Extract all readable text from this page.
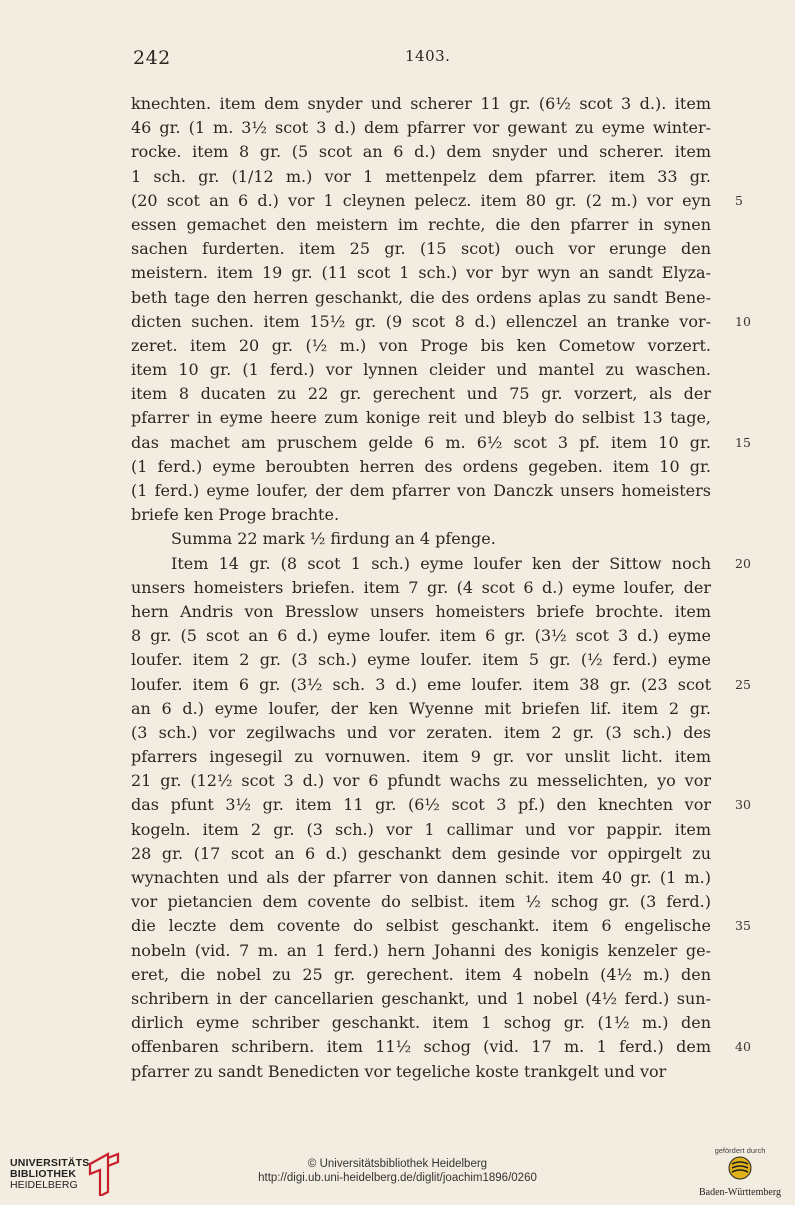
242	1403.
knechten. item dem snyder und scherer 11 gr. (6½ scot 3 d.). item
46 gr. (1 m. 3½ scot 3 d.) dem pfarrer vor gewant zu eyme winter-
rocke. item 8 gr. (5 scot an 6 d.) dem snyder und scherer. item
1 sch. gr. (1/12 m.) vor 1 mettenpelz dem pfarrer. item 33 gr.
(20 scot an 6 d.) vor 1 cleynen pelecz. item 80 gr. (2 m.) vor eyn 5
essen gemachet den meistern im rechte, die den pfarrer in synen
sachen furderten. item 25 gr. (15 scot) ouch vor erunge den
meistern. item 19 gr. (11 scot 1 sch.) vor byr wyn an sandt Elyza-
beth tage den herren geschankt, die des ordens aplas zu sandt Bene-
dicten suchen. item 15½ gr. (9 scot 8 d.) ellenczel an tranke vor- 10
zeret. item 20 gr. (½ m.) von Proge bis ken Cometow vorzert.
item 10 gr. (1 ferd.) vor lynnen cleider und mantel zu waschen.
item 8 ducaten zu 22 gr. gerechent und 75 gr. vorzert, als der
pfarrer in eyme heere zum konige reit und bleyb do selbist 13 tage,
das machet am pruschem gelde 6 m. 6½ scot 3 pf. item 10 gr. 15
(1 ferd.) eyme beroubten herren des ordens gegeben. item 10 gr.
(1 ferd.) eyme loufer, der dem pfarrer von Danczk unsers homeisters
briefe ken Proge brachte.
Summa 22 mark ½ firdung an 4 pfenge.
Item 14 gr. (8 scot 1 sch.) eyme loufer ken der Sittow noch 20
unsers homeisters briefen. item 7 gr. (4 scot 6 d.) eyme loufer, der
hern Andris von Bresslow unsers homeisters briefe brochte. item
8 gr. (5 scot an 6 d.) eyme loufer. item 6 gr. (3½ scot 3 d.) eyme
loufer. item 2 gr. (3 sch.) eyme loufer. item 5 gr. (½ ferd.) eyme
loufer. item 6 gr. (3½ sch. 3 d.) eme loufer. item 38 gr. (23 scot 25
an 6 d.) eyme loufer, der ken Wyenne mit briefen lif. item 2 gr.
(3 sch.) vor zegilwachs und vor zeraten. item 2 gr. (3 sch.) des
pfarrers ingesegil zu vornuwen. item 9 gr. vor unslit licht. item
21 gr. (12½ scot 3 d.) vor 6 pfundt wachs zu messelichten, yo vor
das pfunt 3½ gr. item 11 gr. (6½ scot 3 pf.) den knechten vor 30
kogeln. item 2 gr. (3 sch.) vor 1 callimar und vor pappir. item
28 gr. (17 scot an 6 d.) geschankt dem gesinde vor oppirgelt zu
wynachten und als der pfarrer von dannen schit. item 40 gr. (1 m.)
vor pietancien dem covente do selbist. item ½ schog gr. (3 ferd.)
die leczte dem covente do selbist geschankt. item 6 engelische 35
nobeln (vid. 7 m. an 1 ferd.) hern Johanni des konigis kenzeler ge-
eret, die nobel zu 25 gr. gerechent. item 4 nobeln (4½ m.) den
schribern in der cancellarien geschankt, und 1 nobel (4½ ferd.) sun-
dirlich eyme schriber geschankt. item 1 schog gr. (1½ m.) den
offenbaren schribern. item 11½ schog (vid. 17 m. 1 ferd.) dem 40
pfarrer zu sandt Benedicten vor tegeliche koste trankgelt und vor
UNIVERSITÄTS-
BIBLIOTHEK
HEIDELBERG
© Universitätsbibliothek Heidelberg
http://digi.ub.uni-heidelberg.de/diglit/joachim1896/0260
gefördert durch
Baden-Württemberg
